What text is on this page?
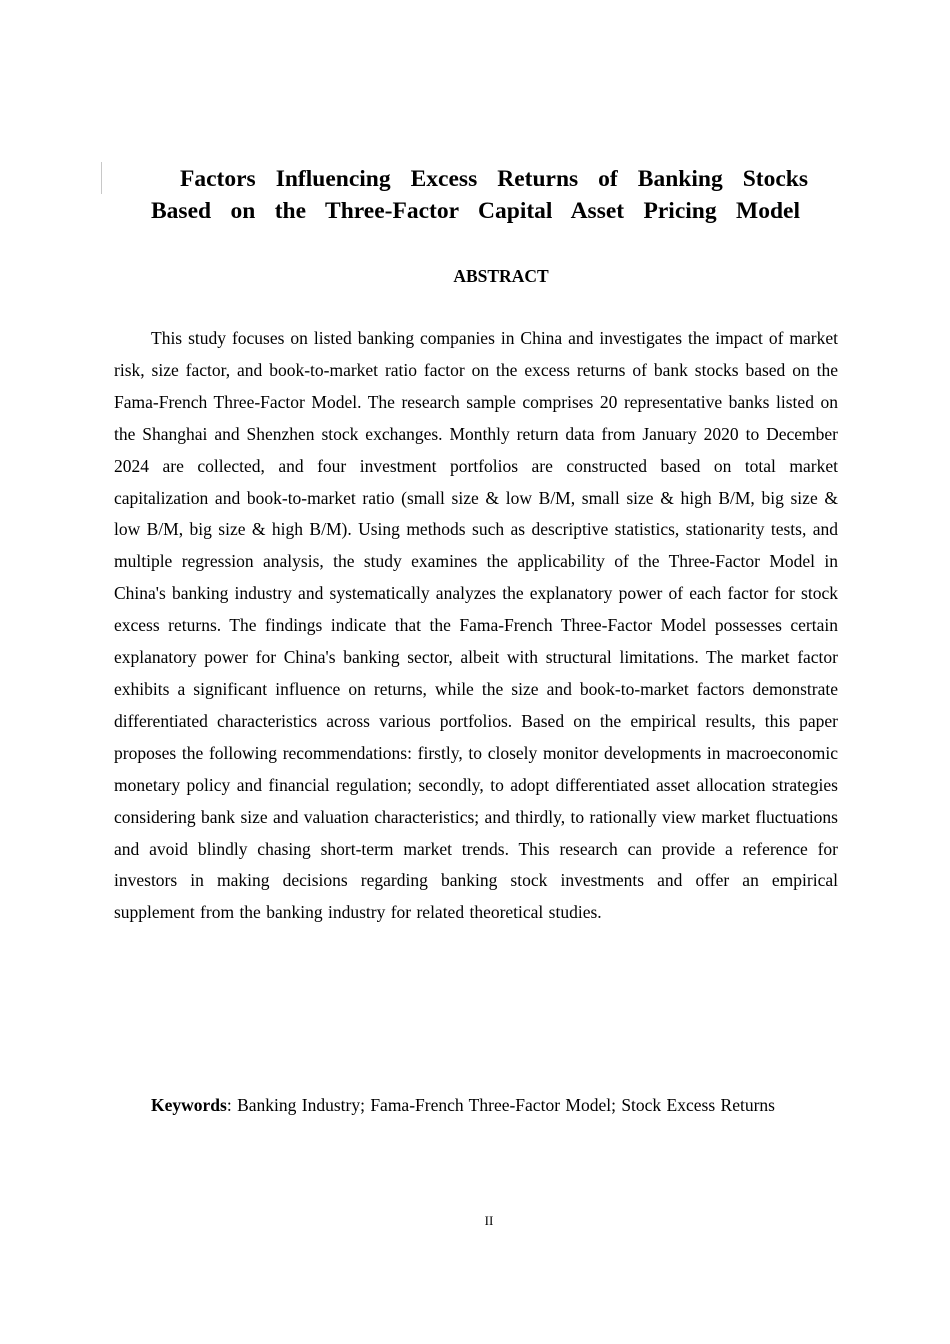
Factors Influencing Excess Returns of Banking Stocks
Based on the Three-Factor Capital Asset Pricing Model
ABSTRACT

This study focuses on listed banking companies in China and investigates the impact of market risk, size factor, and book-to-market ratio factor on the excess returns of bank stocks based on the Fama-French Three-Factor Model. The research sample comprises 20 representative banks listed on the Shanghai and Shenzhen stock exchanges. Monthly return data from January 2020 to December 2024 are collected, and four investment portfolios are constructed based on total market capitalization and book-to-market ratio (small size & low B/M, small size & high B/M, big size & low B/M, big size & high B/M). Using methods such as descriptive statistics, stationarity tests, and multiple regression analysis, the study examines the applicability of the Three-Factor Model in China's banking industry and systematically analyzes the explanatory power of each factor for stock excess returns. The findings indicate that the Fama-French Three-Factor Model possesses certain explanatory power for China's banking sector, albeit with structural limitations. The market factor exhibits a significant influence on returns, while the size and book-to-market factors demonstrate differentiated characteristics across various portfolios. Based on the empirical results, this paper proposes the following recommendations: firstly, to closely monitor developments in macroeconomic monetary policy and financial regulation; secondly, to adopt differentiated asset allocation strategies considering bank size and valuation characteristics; and thirdly, to rationally view market fluctuations and avoid blindly chasing short-term market trends. This research can provide a reference for investors in making decisions regarding banking stock investments and offer an empirical supplement from the banking industry for related theoretical studies.

Keywords: Banking Industry; Fama-French Three-Factor Model; Stock Excess Returns

II
